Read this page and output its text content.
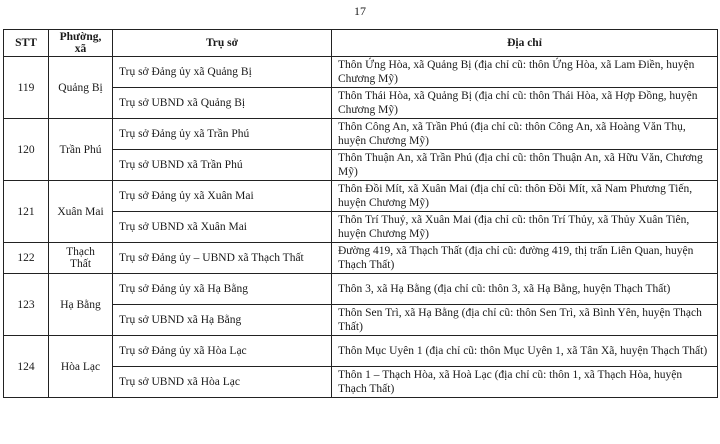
17
STT	Phường, xã	Trụ sở	Địa chỉ
119	Quảng Bị	Trụ sở Đảng ủy xã Quảng Bị	Thôn Ứng Hòa, xã Quảng Bị (địa chỉ cũ: thôn Ứng Hòa, xã Lam Điền, huyện Chương Mỹ)
		Trụ sở UBND xã Quảng Bị	Thôn Thái Hòa, xã Quảng Bị (địa chỉ cũ: thôn Thái Hòa, xã Hợp Đồng, huyện Chương Mỹ)
120	Trần Phú	Trụ sở Đảng ủy xã Trần Phú	Thôn Công An, xã Trần Phú (địa chỉ cũ: thôn Công An, xã Hoàng Văn Thụ, huyện Chương Mỹ)
		Trụ sở UBND xã Trần Phú	Thôn Thuận An, xã Trần Phú (địa chỉ cũ: thôn Thuận An, xã Hữu Văn, Chương Mỹ)
121	Xuân Mai	Trụ sở Đảng ủy xã Xuân Mai	Thôn Đồi Mít, xã Xuân Mai (địa chỉ cũ: thôn Đồi Mít, xã Nam Phương Tiến, huyện Chương Mỹ)
		Trụ sở UBND xã Xuân Mai	Thôn Trí Thuỷ, xã Xuân Mai (địa chỉ cũ: thôn Trí Thủy, xã Thủy Xuân Tiên, huyện Chương Mỹ)
122	Thạch Thất	Trụ sở Đảng ủy – UBND xã Thạch Thất	Đường 419, xã Thạch Thất (địa chỉ cũ: đường 419, thị trấn Liên Quan, huyện Thạch Thất)
123	Hạ Bằng	Trụ sở Đảng ủy xã Hạ Bằng	Thôn 3, xã Hạ Bằng (địa chỉ cũ: thôn 3, xã Hạ Bằng, huyện Thạch Thất)
		Trụ sở UBND xã Hạ Bằng	Thôn Sen Trì, xã Hạ Bằng (địa chỉ cũ: thôn Sen Trì, xã Bình Yên, huyện Thạch Thất)
124	Hòa Lạc	Trụ sở Đảng ủy xã Hòa Lạc	Thôn Mục Uyên 1 (địa chỉ cũ: thôn Mục Uyên 1, xã Tân Xã, huyện Thạch Thất)
		Trụ sở UBND xã Hòa Lạc	Thôn 1 – Thạch Hòa, xã Hoà Lạc (địa chỉ cũ: thôn 1, xã Thạch Hòa, huyện Thạch Thất)
